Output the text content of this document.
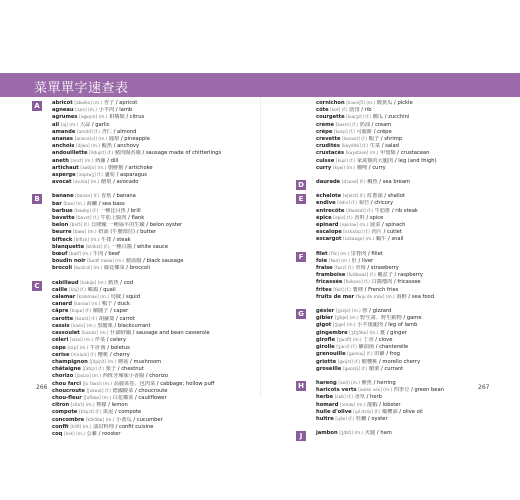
菜單單字速查表
A	abricot [abʁiko] (m.) 杏子 / apricot
agneau [aɲo] (m.) 小羊肉 / lamb
agrumes [agʁym] (m.) 柑橘類 / citrus
ail [aj] (m.) 大蒜 / garlic
amande [amɑ̃d] (f.) 杏仁 / almond
ananas [anana(s)] (m.) 鳳梨 / pineapple
anchois [ɑ̃ʃwa] (m.) 鯷魚 / anchovy
andouillette [ɑ̃dujɛt] (f.) 豬肉腸香腸 / sausage made of chitterlings
aneth [anɛt] (m.) 蒔蘿 / dill
artichaut [aʁtiʃo] (m.) 朝鮮薊 / artichoke
asperge [aspɛʁʒ] (f.) 蘆筍 / asparagus
avocat [avɔka] (m.) 酪梨 / avocado
B	banane [banan] (f.) 香蕉 / banana
bar [baʁ] (m.) 海鱸 / sea bass
barbue [baʁby] (f.) 一種比目魚 / brill
bavette [bavɛt] (f.) 牛肋上腹肉 / flank
belon [bəlɔ̃] (f.) 貝隆蠔 一種扁平的生蠔 / belon oyster
beurre [bœʁ] (m.) 奶油 (牛腰部位) / butter
bifteck [biftɛk] (m.) 牛排 / steak
blanquette [blɑ̃kɛt] (f.) 一種白醬 / white sauce
bœuf [bœf] (m.) 牛肉 / beef
boudin noir [budɛ̃ nwaʁ] (m.) 豬血腸 / black sausage
brocoli [bʁɔkɔli] (m.) 綠花椰菜 / broccoli
C	cabillaud [kabijo] (m.) 鱈魚 / cod
caille [kaj] (f.) 鵪鶉 / quail
calamar [kalamaʁ] (m.) 烏賊 / squid
canard [kanaʁ] (m.) 鴨子 / duck
câpre [kɑpʁ] (f.) 續隨子 / caper
carotte [kaʁɔt] (f.) 胡蘿蔔 / carrot
cassis [kasis] (m.) 黑醋栗 / blackcurrant
cassoulet [kasulɛ] (m.) 什錦砂鍋 / sausage and bean casserole
céleri [sɛlʁi] (m.) 芹菜 / celery
cèpe [sɛp] (m.) 牛肝菌 / boletus
cerise [s(ə)ʁiz] (f.) 櫻桃 / cherry
champignon [ʃɑ̃piɲɔ̃] (m.) 蘑菇 / mushroom
châtaigne [ʃatɛɲ] (f.) 栗子 / chestnut
chorizo [ʃɔʁizo] (m.) 西班牙辣味小香腸 / chorizo
chou farci [ʃu faʁsi] (m.) 高麗菜卷、包肉菜 / cabbage; hollow puff
choucroute [ʃukʁut] (f.) 德國酸菜 / choucroute
chou-fleur [ʃuflœʁ] (m.) 白花椰菜 / cauliflower
citron [sitʁɔ̃] (m.) 檸檬 / lemon
compote [kɔ̃pɔt] (f.) 果泥 / compote
concombre [kɔ̃kɔ̃bʁ] (m.) 小黃瓜 / cucumber
confit [kɔ̃fi] (m.) 油封料理 / confit cuisine
coq [kɔk] (m.) 公雞 / rooster
cornichon [kɔʁniʃɔ̃] (m.) 酸黃瓜 / pickle
côte [kot] (f.) 肋排 / rib
courgette [kuʁʒɛt] (f.) 櫛瓜 / zucchini
crème [kʁɛm] (f.) 奶油 / cream
crêpe [kʁɛp] (f.) 可麗餅 / crêpe
crevette [kʁəvɛt] (f.) 蝦子 / shrimp
crudités [kʁydite] (f.) 生菜 / salad
crustacés [kʁystase] (m.) 甲殼類 / crustacean
cuisse [kɥis] (f.) 家禽類的大腿肉 / leg (and thigh)
curry [kyʁi] (m.) 咖哩 / curry
D	daurade [dɔʁad] (f.) 鯛魚 / sea bream
E	échalote [eʃalɔt] (f.) 紅蔥頭 / shallot
endive [ɑ̃div] (f.) 菊苣 / chicory
entrecôte [ɑ̃tʁəkot] (f.) 牛肋排 / rib steak
épice [epis] (f.) 香料 / spice
épinard [epinaʁ] (m.) 菠菜 / spinach
escalope [ɛskalɔp] (f.) 肉片 / cutlet
escargot [ɛskaʁgo] (m.) 蝸牛 / snail
F	filet [filɛ] (m.) 里脊肉 / fillet
foie [fwa] (m.) 肝 / liver
fraise [fʁɛz] (f.) 草莓 / strawberry
framboise [fʁɑ̃bwaz] (f.) 覆盆子 / raspberry
fricassée [fʁikase] (f.) 白醬燉肉 / fricassee
frites [fʁit] (f.) 薯條 / French fries
fruits de mer [fʁɥi də mɛʁ] (m.) 海鮮 / sea food
G	gésier [ʒezje] (m.) 胗 / gizzard
gibier [ʒibje] (m.) 野生禽、野生動物 / game
gigot [ʒigo] (m.) 小羊後腿肉 / leg of lamb
gingembre [ʒɛ̃ʒɑ̃bʁ] (m.) 薑 / ginger
girofle [ʒiʁɔfl] (m.) 丁香 / clove
girolle [ʒiʁɔl] (f.) 雞油菌 / chanterelle
grenouille [gʁənuj] (f.) 田雞 / frog
griotte [gʁijɔt] (f.) 酸櫻桃 / morello cherry
groseille [gʁozɛj] (f.) 醋栗 / currant
H	hareng [aʁɑ̃] (m.) 鯡魚 / herring
haricots verts [aʁiko vɛʁ] (m.) 四季豆 / green bean
herbe [ɛʁb] (f.) 香草 / herb
homard [ɔmaʁ] (m.) 龍蝦 / lobster
huile d'olive [ɥil dɔliv] (f.) 橄欖油 / olive oil
huître [ɥitʁ] (f.) 牡蠣 / oyster
J	jambon [ʒɑ̃bɔ̃] (m.) 火腿 / ham
266	267
